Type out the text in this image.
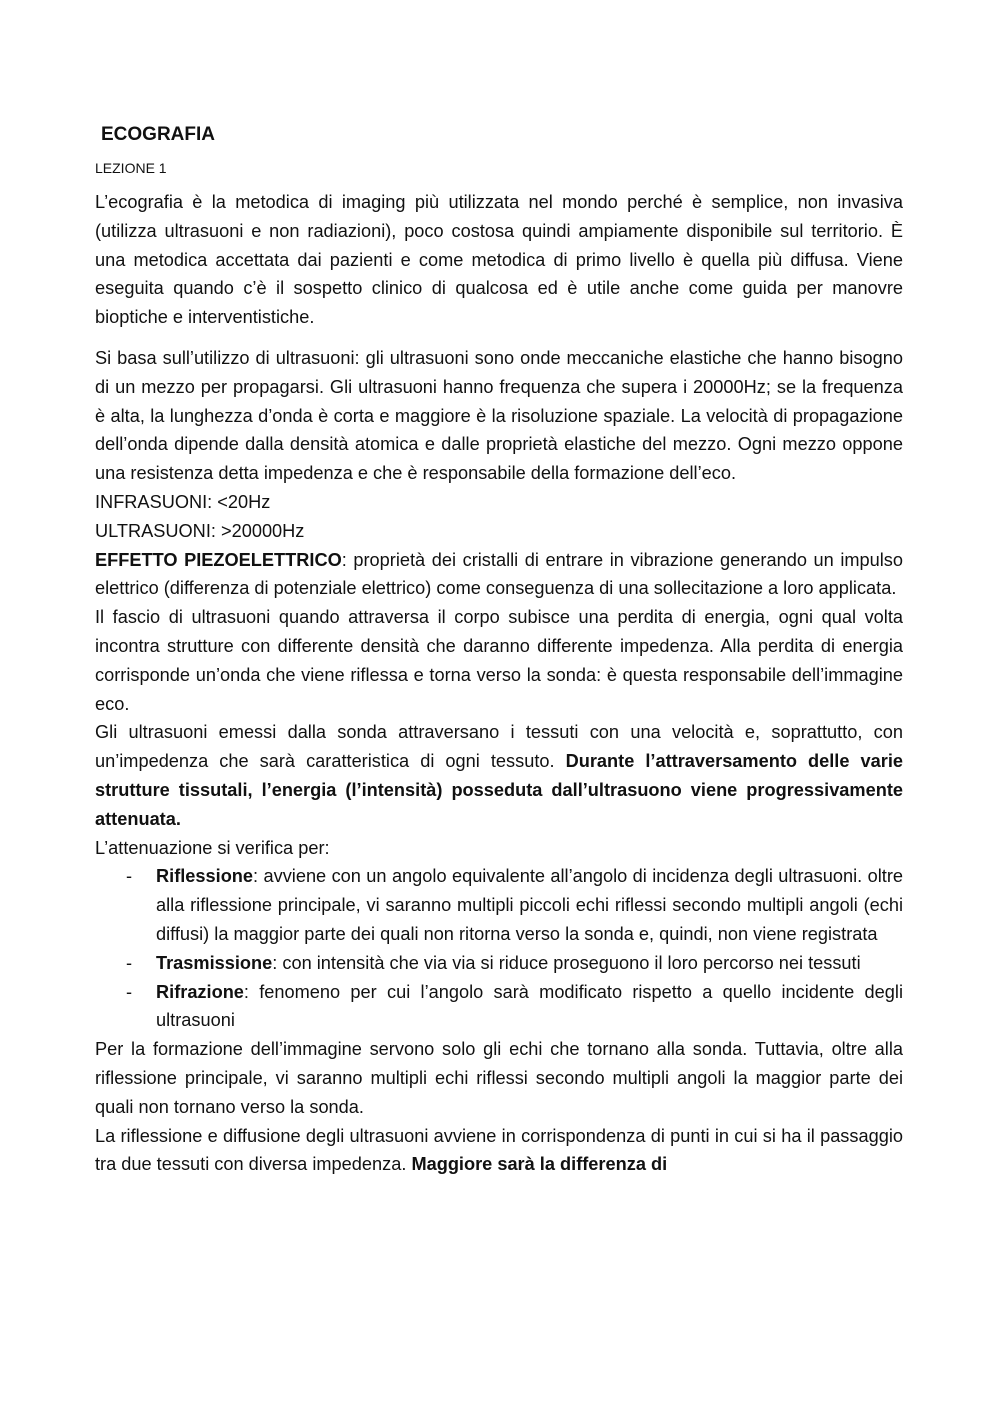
ECOGRAFIA
LEZIONE 1

L’ecografia è la metodica di imaging più utilizzata nel mondo perché è semplice, non invasiva (utilizza ultrasuoni e non radiazioni), poco costosa quindi ampiamente disponibile sul territorio. È una metodica accettata dai pazienti e come metodica di primo livello è quella più diffusa. Viene eseguita quando c’è il sospetto clinico di qualcosa ed è utile anche come guida per manovre bioptiche e interventistiche.

Si basa sull’utilizzo di ultrasuoni: gli ultrasuoni sono onde meccaniche elastiche che hanno bisogno di un mezzo per propagarsi. Gli ultrasuoni hanno frequenza che supera i 20000Hz; se la frequenza è alta, la lunghezza d’onda è corta e maggiore è la risoluzione spaziale. La velocità di propagazione dell’onda dipende dalla densità atomica e dalle proprietà elastiche del mezzo. Ogni mezzo oppone una resistenza detta impedenza e che è responsabile della formazione dell’eco.

INFRASUONI: <20Hz

ULTRASUONI: >20000Hz

EFFETTO PIEZOELETTRICO: proprietà dei cristalli di entrare in vibrazione generando un impulso elettrico (differenza di potenziale elettrico) come conseguenza di una sollecitazione a loro applicata.

Il fascio di ultrasuoni quando attraversa il corpo subisce una perdita di energia, ogni qual volta incontra strutture con differente densità che daranno differente impedenza. Alla perdita di energia corrisponde un’onda che viene riflessa e torna verso la sonda: è questa responsabile dell’immagine eco.

Gli ultrasuoni emessi dalla sonda attraversano i tessuti con una velocità e, soprattutto, con un’impedenza che sarà caratteristica di ogni tessuto. Durante l’attraversamento delle varie strutture tissutali, l’energia (l’intensità) posseduta dall’ultrasuono viene progressivamente attenuata.

L’attenuazione si verifica per:

- Riflessione: avviene con un angolo equivalente all’angolo di incidenza degli ultrasuoni. oltre alla riflessione principale, vi saranno multipli piccoli echi riflessi secondo multipli angoli (echi diffusi) la maggior parte dei quali non ritorna verso la sonda e, quindi, non viene registrata
- Trasmissione: con intensità che via via si riduce proseguono il loro percorso nei tessuti
- Rifrazione: fenomeno per cui l’angolo sarà modificato rispetto a quello incidente degli ultrasuoni

Per la formazione dell’immagine servono solo gli echi che tornano alla sonda. Tuttavia, oltre alla riflessione principale, vi saranno multipli echi riflessi secondo multipli angoli la maggior parte dei quali non tornano verso la sonda.

La riflessione e diffusione degli ultrasuoni avviene in corrispondenza di punti in cui si ha il passaggio tra due tessuti con diversa impedenza. Maggiore sarà la differenza di
